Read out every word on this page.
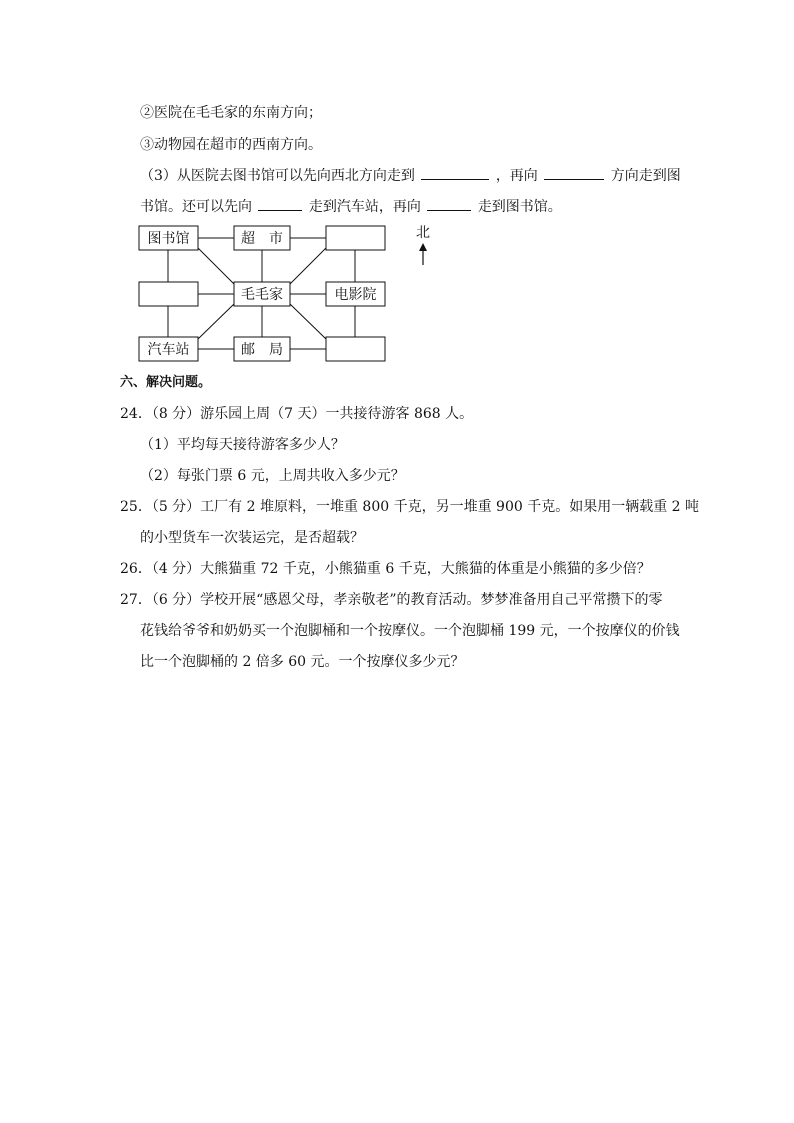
②医院在毛毛家的东南方向；
③动物园在超市的西南方向。
（3）从医院去图书馆可以先向西北方向走到	，再向	方向走到图
书馆。还可以先向	走到汽车站，再向	走到图书馆。
图书馆	超　市
毛毛家	电影院
汽车站	邮　局
北
六、解决问题。
24．（8 分）游乐园上周（7 天）一共接待游客 868 人。
（1）平均每天接待游客多少人？
（2）每张门票 6 元，上周共收入多少元？
25．（5 分）工厂有 2 堆原料，一堆重 800 千克，另一堆重 900 千克。如果用一辆载重 2 吨
的小型货车一次装运完，是否超载？
26．（4 分）大熊猫重 72 千克，小熊猫重 6 千克，大熊猫的体重是小熊猫的多少倍？
27．（6 分）学校开展“感恩父母，孝亲敬老”的教育活动。梦梦准备用自己平常攒下的零
花钱给爷爷和奶奶买一个泡脚桶和一个按摩仪。一个泡脚桶 199 元，一个按摩仪的价钱
比一个泡脚桶的 2 倍多 60 元。一个按摩仪多少元？
